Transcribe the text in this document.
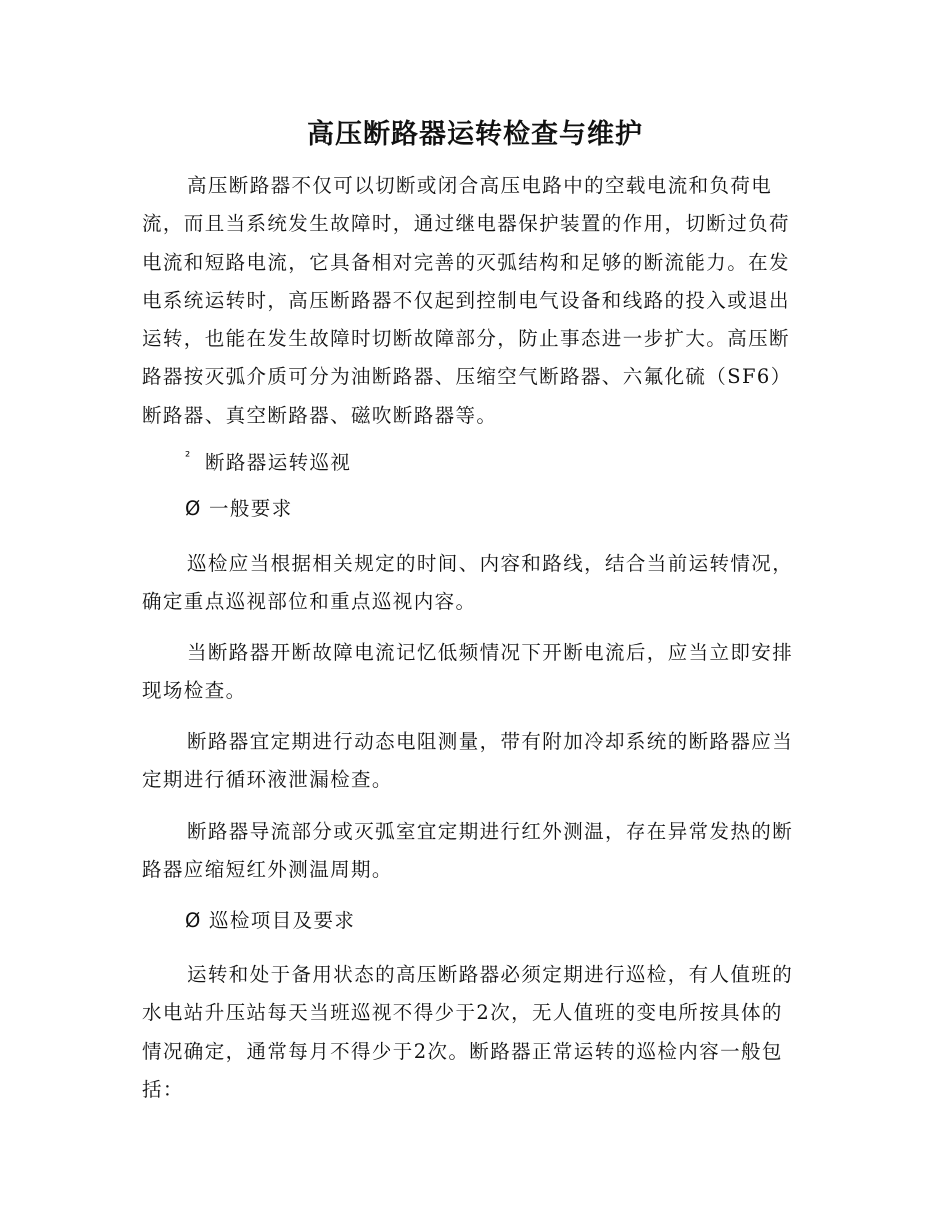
高压断路器运转检查与维护

高压断路器不仅可以切断或闭合高压电路中的空载电流和负荷电流，而且当系统发生故障时，通过继电器保护装置的作用，切断过负荷电流和短路电流，它具备相对完善的灭弧结构和足够的断流能力。在发电系统运转时，高压断路器不仅起到控制电气设备和线路的投入或退出运转，也能在发生故障时切断故障部分，防止事态进一步扩大。高压断路器按灭弧介质可分为油断路器、压缩空气断路器、六氟化硫（SF6）断路器、真空断路器、磁吹断路器等。

² 断路器运转巡视

Ø 一般要求

巡检应当根据相关规定的时间、内容和路线，结合当前运转情况，确定重点巡视部位和重点巡视内容。

当断路器开断故障电流记忆低频情况下开断电流后，应当立即安排现场检查。

断路器宜定期进行动态电阻测量，带有附加冷却系统的断路器应当定期进行循环液泄漏检查。

断路器导流部分或灭弧室宜定期进行红外测温，存在异常发热的断路器应缩短红外测温周期。

Ø 巡检项目及要求

运转和处于备用状态的高压断路器必须定期进行巡检，有人值班的水电站升压站每天当班巡视不得少于2次，无人值班的变电所按具体的情况确定，通常每月不得少于2次。断路器正常运转的巡检内容一般包括：
